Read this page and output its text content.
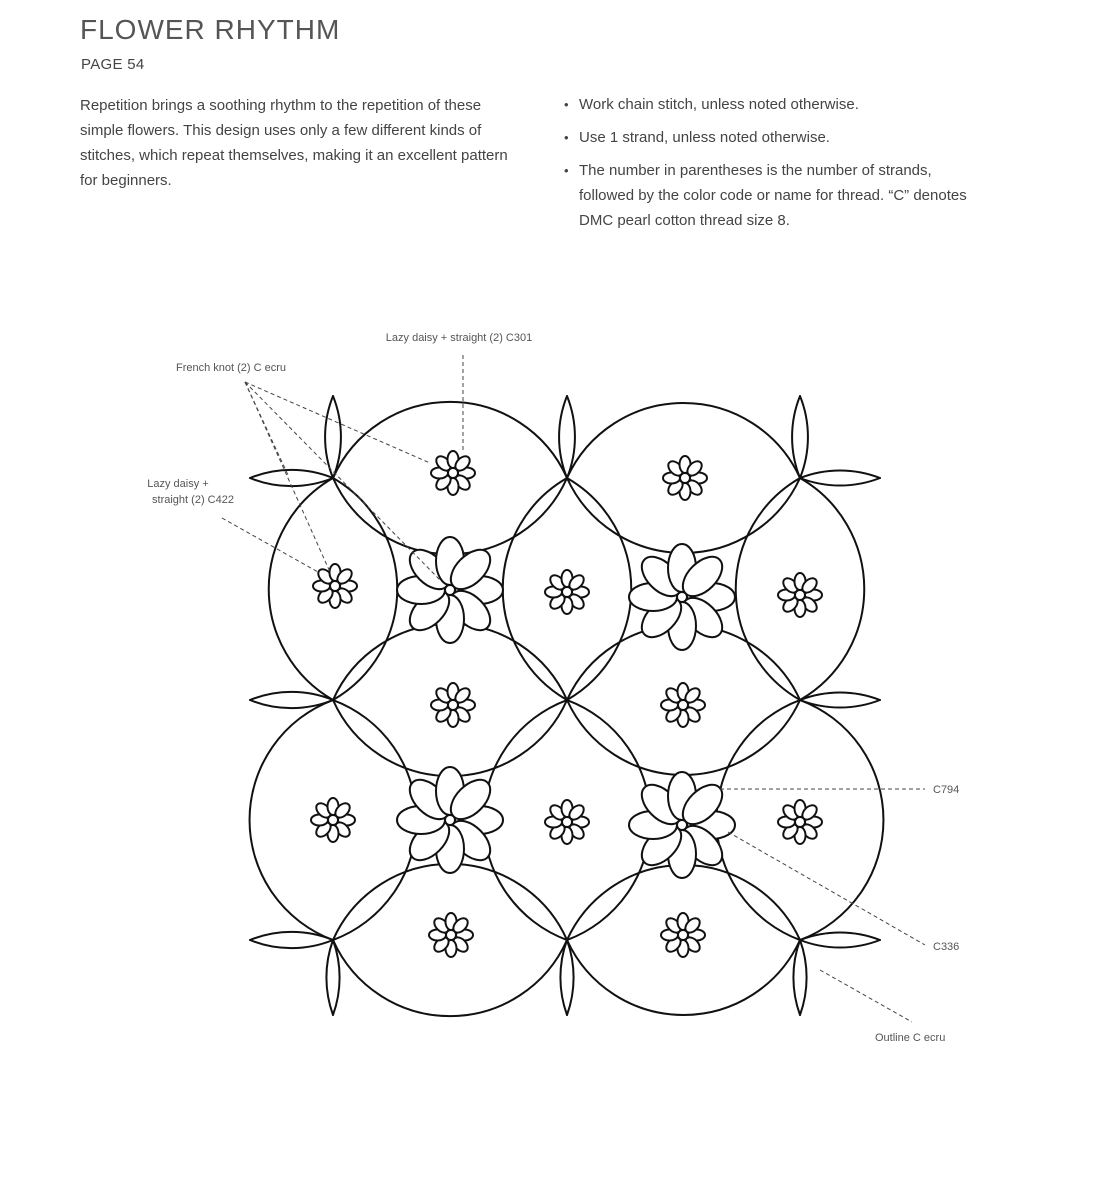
FLOWER RHYTHM
PAGE 54

Repetition brings a soothing rhythm to the repetition of these simple flowers. This design uses only a few different kinds of stitches, which repeat themselves, making it an excellent pattern for beginners.

• Work chain stitch, unless noted otherwise.
• Use 1 strand, unless noted otherwise.
• The number in parentheses is the number of strands, followed by the color code or name for thread. “C” denotes DMC pearl cotton thread size 8.
Lazy daisy + straight (2) C301
French knot (2) C ecru
Lazy daisy +
straight (2) C422
C794
C336
Outline C ecru
